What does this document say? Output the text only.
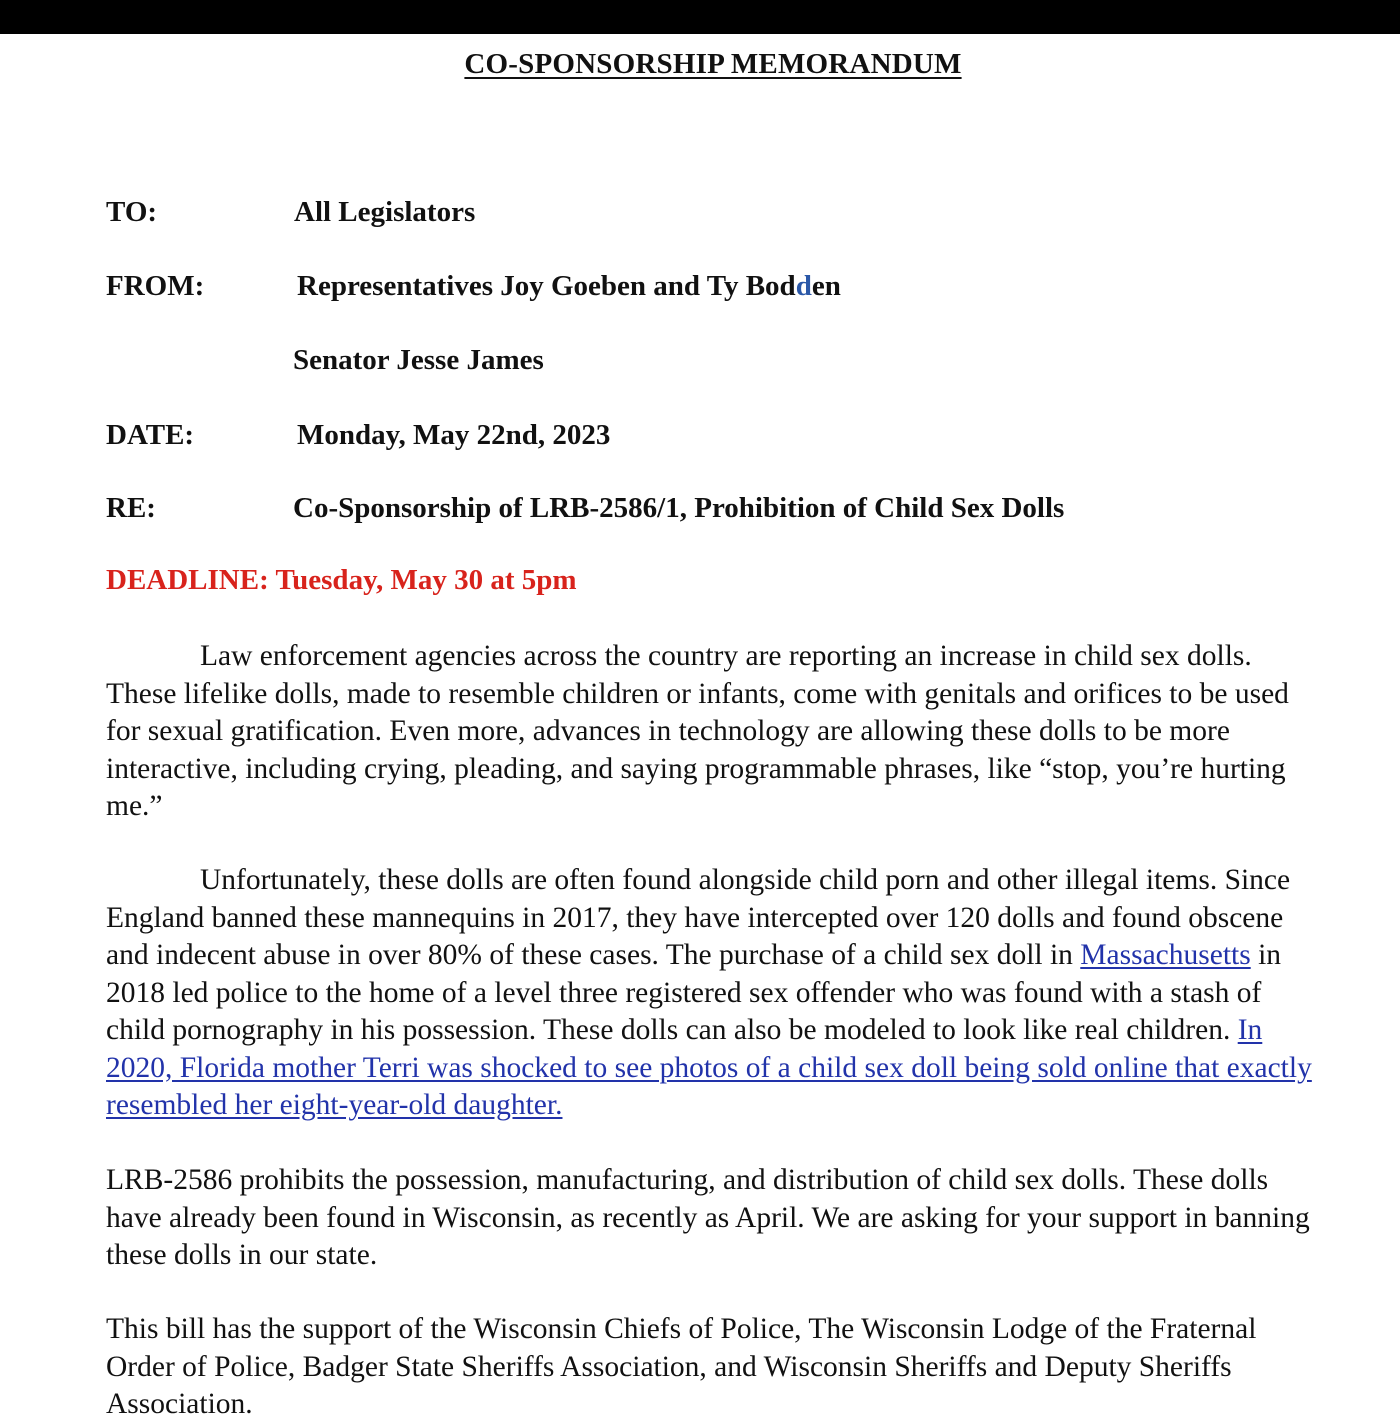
CO-SPONSORSHIP MEMORANDUM
TO:	All Legislators
FROM:	Representatives Joy Goeben and Ty Bodden
Senator Jesse James
DATE:	Monday, May 22nd, 2023
RE:	Co-Sponsorship of LRB-2586/1, Prohibition of Child Sex Dolls
DEADLINE: Tuesday, May 30 at 5pm

Law enforcement agencies across the country are reporting an increase in child sex dolls. These lifelike dolls, made to resemble children or infants, come with genitals and orifices to be used for sexual gratification. Even more, advances in technology are allowing these dolls to be more interactive, including crying, pleading, and saying programmable phrases, like “stop, you’re hurting me.”

Unfortunately, these dolls are often found alongside child porn and other illegal items. Since England banned these mannequins in 2017, they have intercepted over 120 dolls and found obscene and indecent abuse in over 80% of these cases. The purchase of a child sex doll in Massachusetts in 2018 led police to the home of a level three registered sex offender who was found with a stash of child pornography in his possession. These dolls can also be modeled to look like real children. In 2020, Florida mother Terri was shocked to see photos of a child sex doll being sold online that exactly resembled her eight-year-old daughter.

LRB-2586 prohibits the possession, manufacturing, and distribution of child sex dolls. These dolls have already been found in Wisconsin, as recently as April. We are asking for your support in banning these dolls in our state.

This bill has the support of the Wisconsin Chiefs of Police, The Wisconsin Lodge of the Fraternal Order of Police, Badger State Sheriffs Association, and Wisconsin Sheriffs and Deputy Sheriffs Association.
